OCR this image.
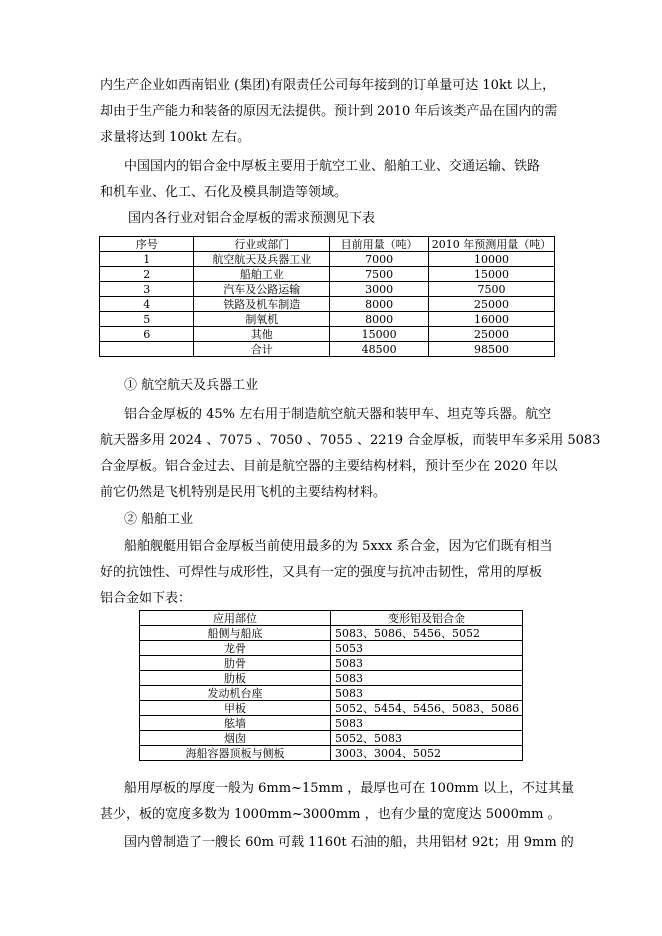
内生产企业如西南铝业 (集团)有限责任公司每年接到的订单量可达 10kt 以上，
却由于生产能力和装备的原因无法提供。预计到 2010 年后该类产品在国内的需
求量将达到 100kt 左右。
中国国内的铝合金中厚板主要用于航空工业、船舶工业、交通运输、铁路
和机车业、化工、石化及模具制造等领域。
国内各行业对铝合金厚板的需求预测见下表
序号	行业或部门	目前用量（吨）	2010 年预测用量（吨）
1	航空航天及兵器工业	7000	10000
2	船舶工业	7500	15000
3	汽车及公路运输	3000	7500
4	铁路及机车制造	8000	25000
5	制氧机	8000	16000
6	其他	15000	25000
	合计	48500	98500
① 航空航天及兵器工业
铝合金厚板的 45% 左右用于制造航空航天器和装甲车、坦克等兵器。航空
航天器多用 2024 、7075 、7050 、7055 、2219 合金厚板，而装甲车多采用 5083
合金厚板。铝合金过去、目前是航空器的主要结构材料，预计至少在 2020 年以
前它仍然是飞机特别是民用飞机的主要结构材料。
② 船舶工业
船舶舰艇用铝合金厚板当前使用最多的为 5xxx 系合金，因为它们既有相当
好的抗蚀性、可焊性与成形性，又具有一定的强度与抗冲击韧性，常用的厚板
铝合金如下表：
应用部位	变形铝及铝合金
船侧与船底	5083、5086、5456、5052
龙骨	5053
肋骨	5083
肋板	5083
发动机台座	5083
甲板	5052、5454、5456、5083、5086
舷墙	5083
烟囱	5052、5083
海船容器顶板与侧板	3003、3004、5052
船用厚板的厚度一般为 6mm~15mm ，最厚也可在 100mm 以上，不过其量
甚少，板的宽度多数为 1000mm~3000mm ，也有少量的宽度达 5000mm 。
国内曾制造了一艘长 60m 可载 1160t 石油的船，共用铝材 92t；用 9mm 的
